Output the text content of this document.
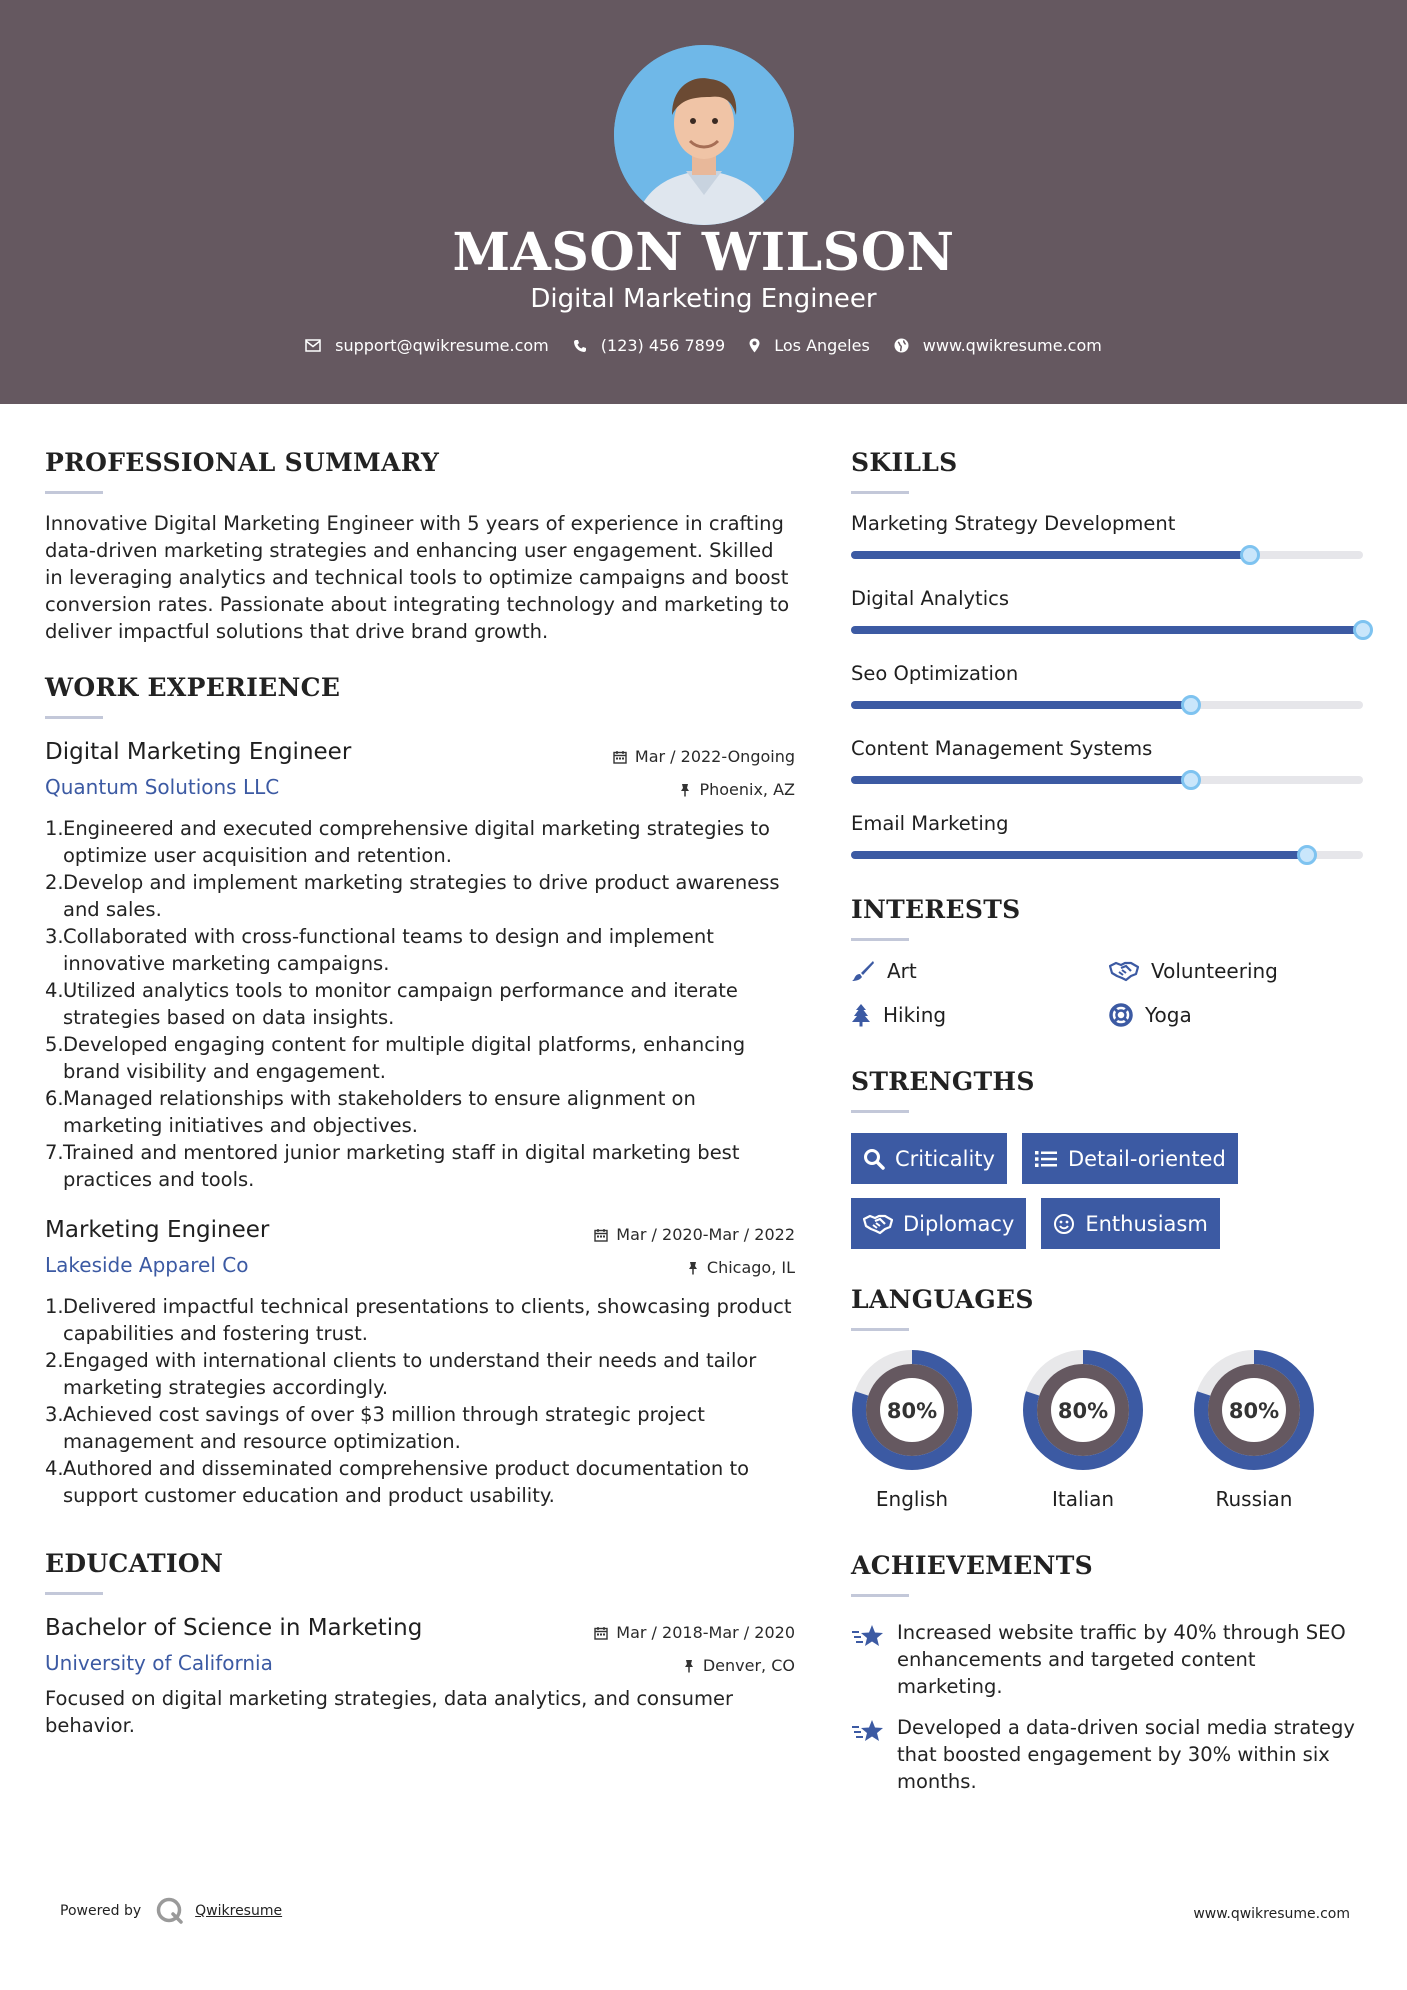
MASON WILSON
Digital Marketing Engineer
support@qwikresume.com	(123) 456 7899	Los Angeles	www.qwikresume.com
PROFESSIONAL SUMMARY
Innovative Digital Marketing Engineer with 5 years of experience in crafting data-driven marketing strategies and enhancing user engagement. Skilled in leveraging analytics and technical tools to optimize campaigns and boost conversion rates. Passionate about integrating technology and marketing to deliver impactful solutions that drive brand growth.
WORK EXPERIENCE
Mar / 2022-Ongoing
Phoenix, AZ
Digital Marketing Engineer
Quantum Solutions LLC
1. Engineered and executed comprehensive digital marketing strategies to optimize user acquisition and retention.
2. Develop and implement marketing strategies to drive product awareness and sales.
3. Collaborated with cross-functional teams to design and implement innovative marketing campaigns.
4. Utilized analytics tools to monitor campaign performance and iterate strategies based on data insights.
5. Developed engaging content for multiple digital platforms, enhancing brand visibility and engagement.
6. Managed relationships with stakeholders to ensure alignment on marketing initiatives and objectives.
7. Trained and mentored junior marketing staff in digital marketing best practices and tools.
Mar / 2020-Mar / 2022
Chicago, IL
Marketing Engineer
Lakeside Apparel Co
1. Delivered impactful technical presentations to clients, showcasing product capabilities and fostering trust.
2. Engaged with international clients to understand their needs and tailor marketing strategies accordingly.
3. Achieved cost savings of over $3 million through strategic project management and resource optimization.
4. Authored and disseminated comprehensive product documentation to support customer education and product usability.
EDUCATION
Mar / 2018-Mar / 2020
Denver, CO
Bachelor of Science in Marketing
University of California
Focused on digital marketing strategies, data analytics, and consumer behavior.
SKILLS
Marketing Strategy Development
Digital Analytics
Seo Optimization
Content Management Systems
Email Marketing
INTERESTS
Art	Volunteering
Hiking	Yoga
STRENGTHS
Criticality	Detail-oriented
Diplomacy	Enthusiasm
LANGUAGES
80%
English
80%
Italian
80%
Russian
ACHIEVEMENTS
Increased website traffic by 40% through SEO enhancements and targeted content marketing.
Developed a data-driven social media strategy that boosted engagement by 30% within six months.
Powered by	Qwikresume	www.qwikresume.com
